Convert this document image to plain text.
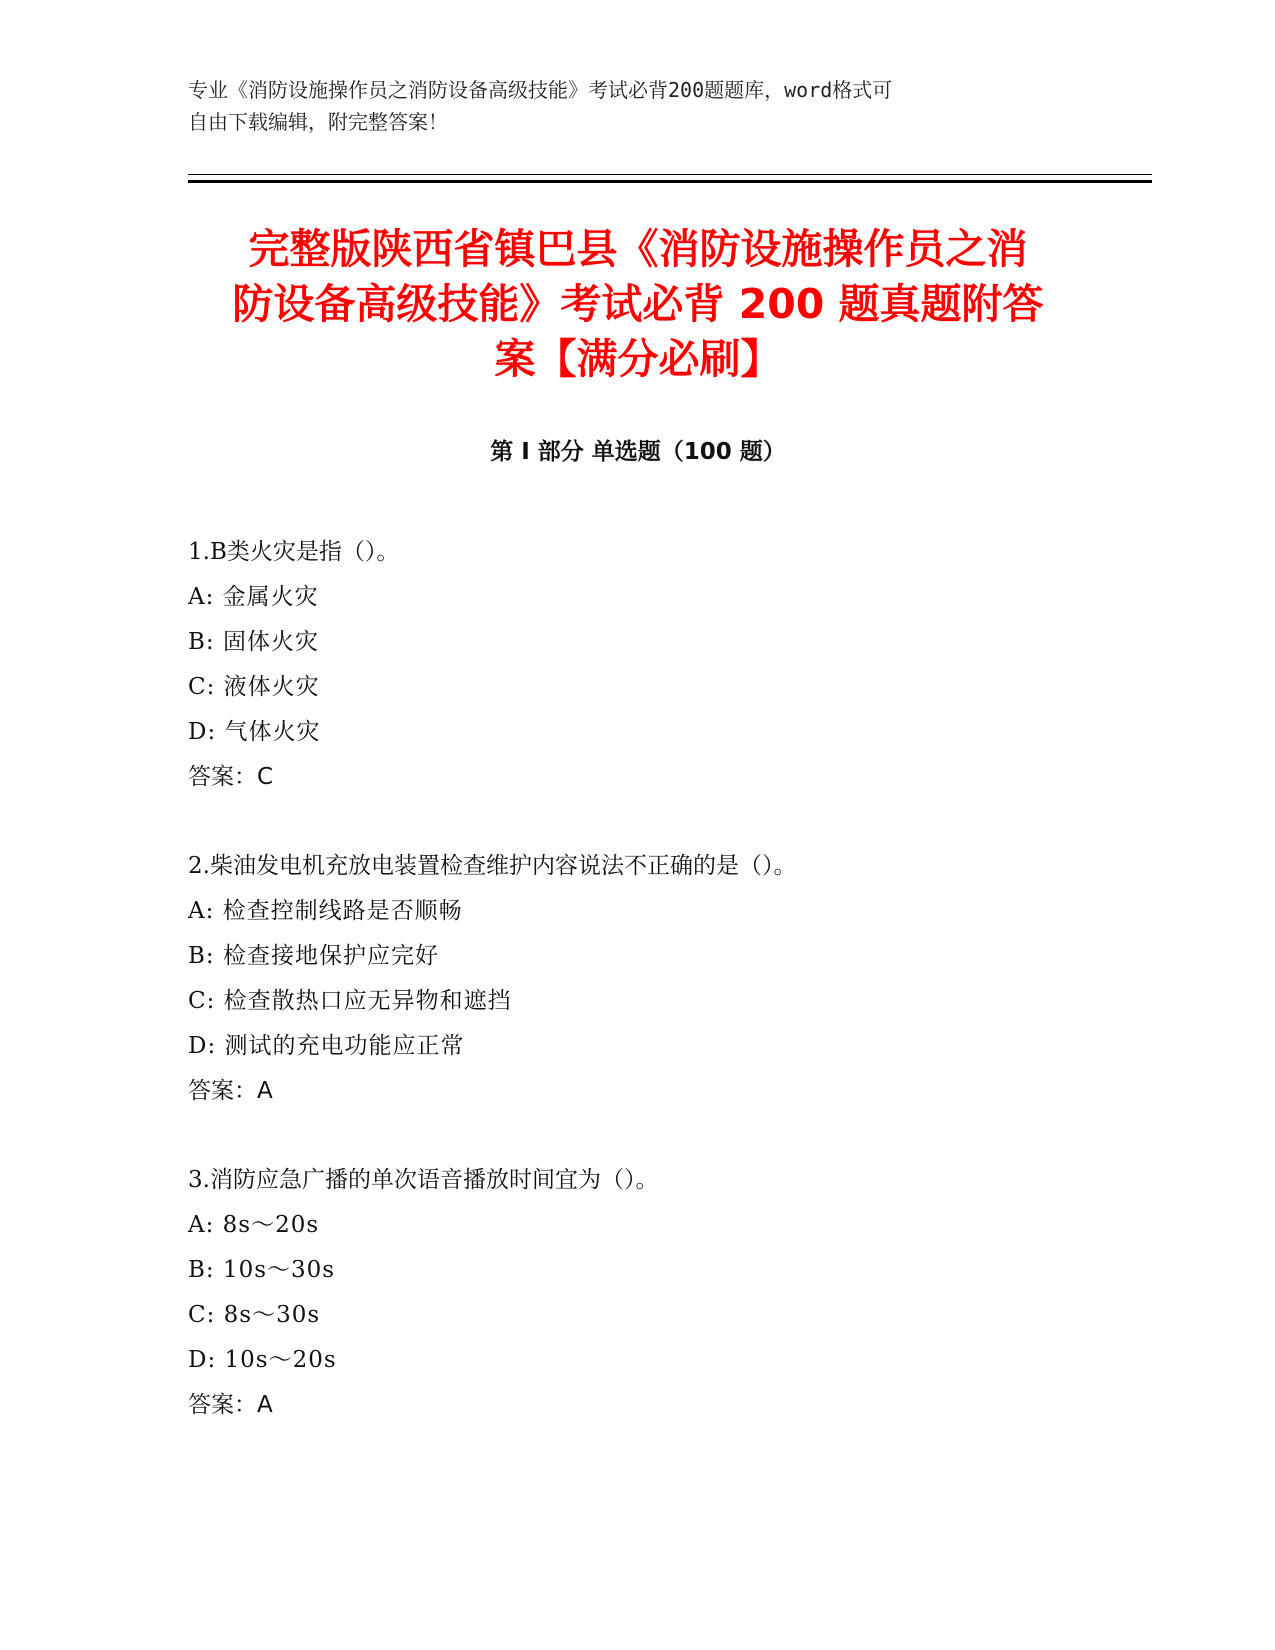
专业《消防设施操作员之消防设备高级技能》考试必背200题题库，word格式可
自由下载编辑，附完整答案！
完整版陕西省镇巴县《消防设施操作员之消
防设备高级技能》考试必背 200 题真题附答
案【满分必刷】
第 I 部分 单选题（100 题）
1.B类火灾是指（）。
A: 金属火灾
B: 固体火灾
C: 液体火灾
D: 气体火灾
答案：C
2.柴油发电机充放电装置检查维护内容说法不正确的是（）。
A: 检查控制线路是否顺畅
B: 检查接地保护应完好
C: 检查散热口应无异物和遮挡
D: 测试的充电功能应正常
答案：A
3.消防应急广播的单次语音播放时间宜为（）。
A: 8s～20s
B: 10s～30s
C: 8s～30s
D: 10s～20s
答案：A
